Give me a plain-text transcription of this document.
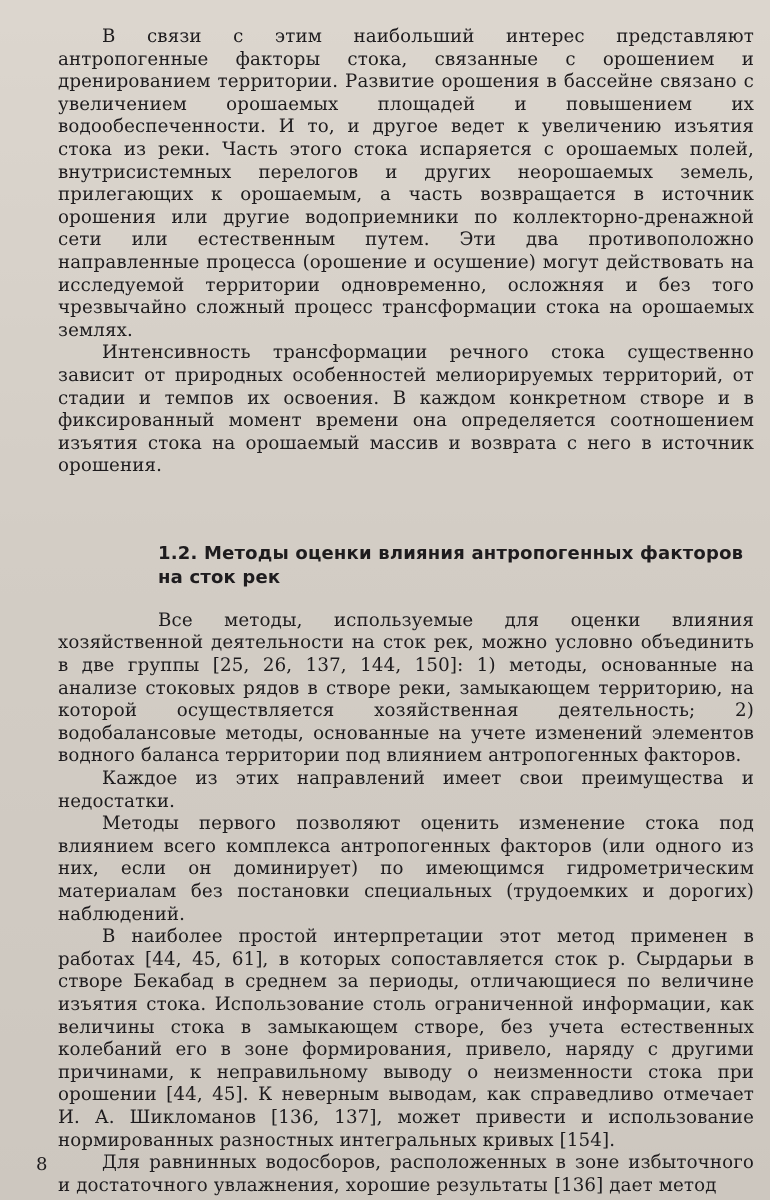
В связи с этим наибольший интерес представляют антропогенные факторы стока, связанные с орошением и дренированием территории. Развитие орошения в бассейне связано с увеличением орошаемых площадей и повышением их водообеспеченности. И то, и другое ведет к увеличению изъятия стока из реки. Часть этого стока испаряется с орошаемых полей, внутрисистемных перелогов и других неорошаемых земель, прилегающих к орошаемым, а часть возвращается в источник орошения или другие водоприемники по коллекторно-дренажной сети или естественным путем. Эти два противоположно направленные процесса (орошение и осушение) могут действовать на исследуемой территории одновременно, осложняя и без того чрезвычайно сложный процесс трансформации стока на орошаемых землях.

Интенсивность трансформации речного стока существенно зависит от природных особенностей мелиорируемых территорий, от стадии и темпов их освоения. В каждом конкретном створе и в фиксированный момент времени она определяется соотношением изъятия стока на орошаемый массив и возврата с него в источник орошения.

1.2. Методы оценки влияния антропогенных факторов на сток рек

Все методы, используемые для оценки влияния хозяйственной деятельности на сток рек, можно условно объединить в две группы [25, 26, 137, 144, 150]: 1) методы, основанные на анализе стоковых рядов в створе реки, замыкающем территорию, на которой осуществляется хозяйственная деятельность; 2) водобалансовые методы, основанные на учете изменений элементов водного баланса территории под влиянием антропогенных факторов.

Каждое из этих направлений имеет свои преимущества и недостатки.

Методы первого позволяют оценить изменение стока под влиянием всего комплекса антропогенных факторов (или одного из них, если он доминирует) по имеющимся гидрометрическим материалам без постановки специальных (трудоемких и дорогих) наблюдений.

В наиболее простой интерпретации этот метод применен в работах [44, 45, 61], в которых сопоставляется сток р. Сырдарьи в створе Бекабад в среднем за периоды, отличающиеся по величине изъятия стока. Использование столь ограниченной информации, как величины стока в замыкающем створе, без учета естественных колебаний его в зоне формирования, привело, наряду с другими причинами, к неправильному выводу о неизменности стока при орошении [44, 45]. К неверным выводам, как справедливо отмечает И. А. Шикломанов [136, 137], может привести и использование нормированных разностных интегральных кривых [154].

Для равнинных водосборов, расположенных в зоне избыточного и достаточного увлажнения, хорошие результаты [136] дает метод

8
